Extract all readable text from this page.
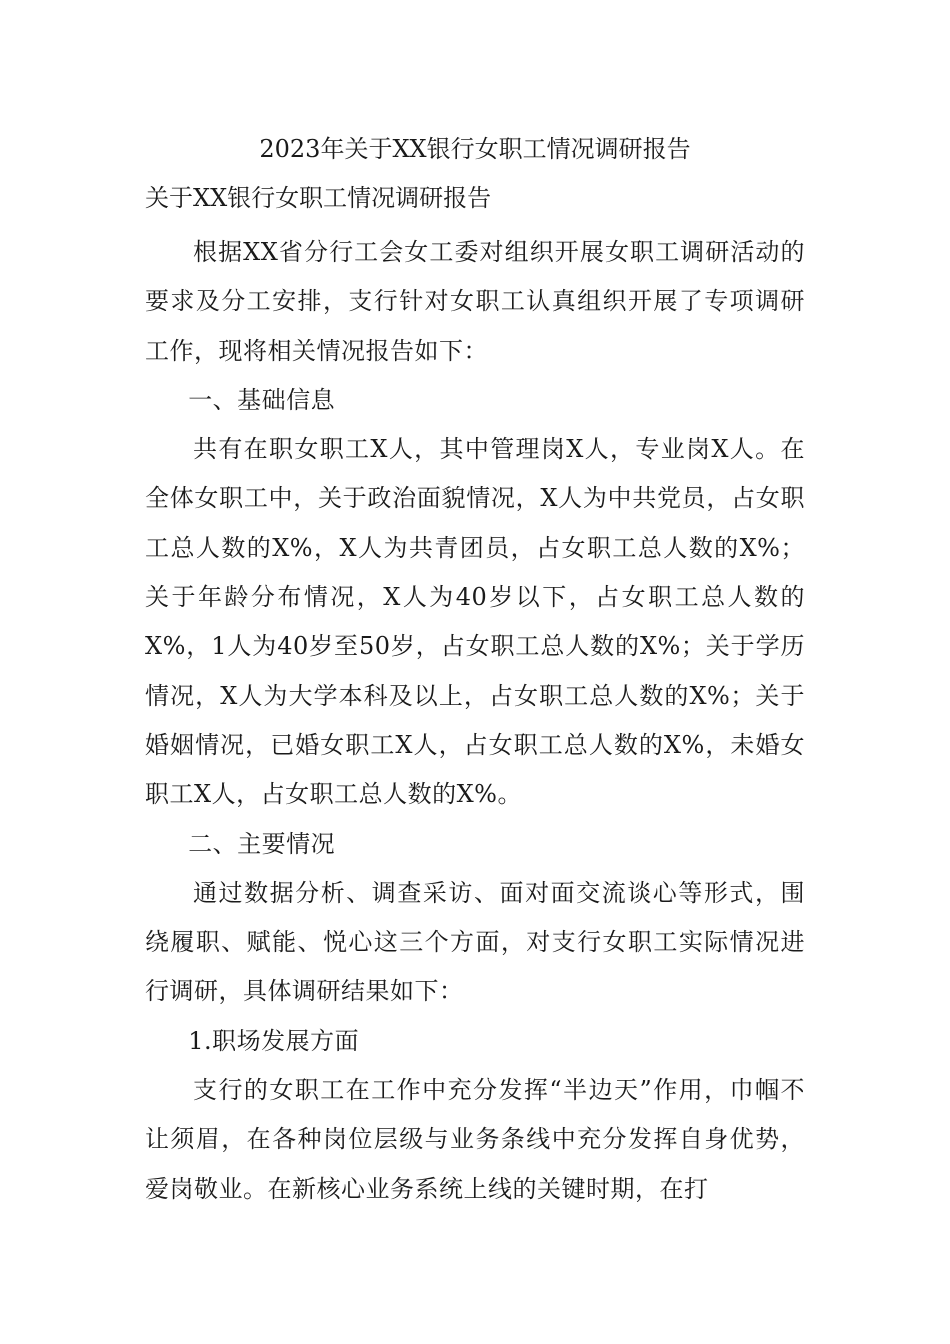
2023年关于XX银行女职工情况调研报告
关于XX银行女职工情况调研报告

根据XX省分行工会女工委对组织开展女职工调研活动的要求及分工安排，支行针对女职工认真组织开展了专项调研工作，现将相关情况报告如下：

一、基础信息

共有在职女职工X人，其中管理岗X人，专业岗X人。在全体女职工中，关于政治面貌情况，X人为中共党员，占女职工总人数的X%，X人为共青团员，占女职工总人数的X%；关于年龄分布情况，X人为40岁以下，占女职工总人数的X%，1人为40岁至50岁，占女职工总人数的X%；关于学历情况，X人为大学本科及以上，占女职工总人数的X%；关于婚姻情况，已婚女职工X人，占女职工总人数的X%，未婚女职工X人，占女职工总人数的X%。

二、主要情况

通过数据分析、调查采访、面对面交流谈心等形式，围绕履职、赋能、悦心这三个方面，对支行女职工实际情况进行调研，具体调研结果如下：

1.职场发展方面

支行的女职工在工作中充分发挥“半边天”作用，巾帼不让须眉，在各种岗位层级与业务条线中充分发挥自身优势，爱岗敬业。在新核心业务系统上线的关键时期，在打
